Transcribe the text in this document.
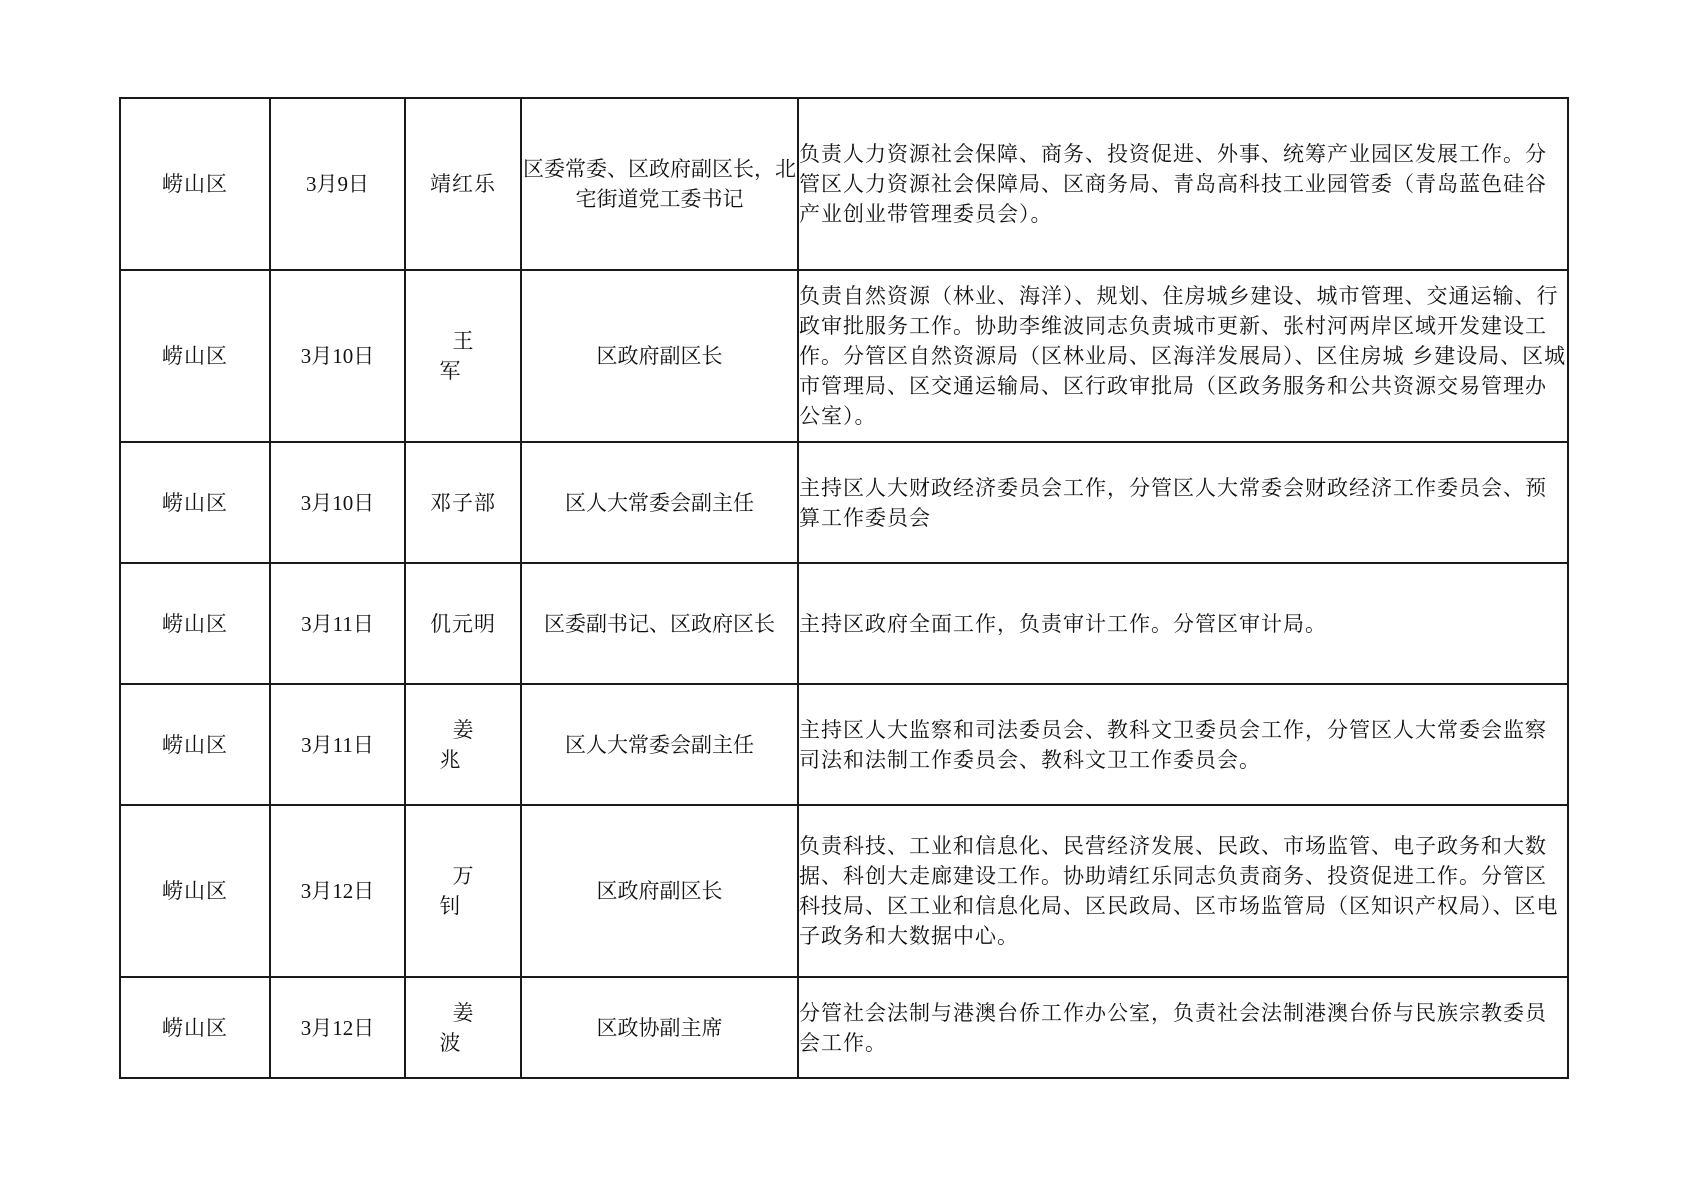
崂山区	3月9日	靖红乐	区委常委、区政府副区长，北宅街道党工委书记	负责人力资源社会保障、商务、投资促进、外事、统筹产业园区发展工作。分管区人力资源社会保障局、区商务局、青岛高科技工业园管委（青岛蓝色硅谷产业创业带管理委员会）。
崂山区	3月10日	王军	区政府副区长	负责自然资源（林业、海洋）、规划、住房城乡建设、城市管理、交通运输、行政审批服务工作。协助李维波同志负责城市更新、张村河两岸区域开发建设工作。分管区自然资源局（区林业局、区海洋发展局）、区住房城 乡建设局、区城市管理局、区交通运输局、区行政审批局（区政务服务和公共资源交易管理办公室）。
崂山区	3月10日	邓子部	区人大常委会副主任	主持区人大财政经济委员会工作，分管区人大常委会财政经济工作委员会、预算工作委员会
崂山区	3月11日	仉元明	区委副书记、区政府区长	主持区政府全面工作，负责审计工作。分管区审计局。
崂山区	3月11日	姜兆	区人大常委会副主任	主持区人大监察和司法委员会、教科文卫委员会工作，分管区人大常委会监察司法和法制工作委员会、教科文卫工作委员会。
崂山区	3月12日	万钊	区政府副区长	负责科技、工业和信息化、民营经济发展、民政、市场监管、电子政务和大数据、科创大走廊建设工作。协助靖红乐同志负责商务、投资促进工作。分管区科技局、区工业和信息化局、区民政局、区市场监管局（区知识产权局）、区电子政务和大数据中心。
崂山区	3月12日	姜波	区政协副主席	分管社会法制与港澳台侨工作办公室，负责社会法制港澳台侨与民族宗教委员会工作。
